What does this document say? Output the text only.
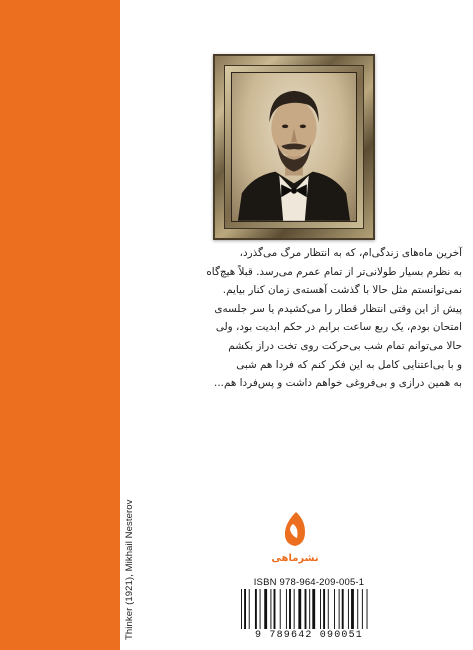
Thinker (1921), Mikhail Nesterov
آخرین ماه‌های زندگی‌ام، که به انتظار مرگ می‌گذرد،
به نظرم بسیار طولانی‌تر از تمام عمرم می‌رسد. قبلاً هیچ‌گاه
نمی‌توانستم مثل حالا با گذشت آهسته‌ی زمان کنار بیایم.
پیش از این وقتی انتظار قطار را می‌کشیدم یا سر جلسه‌ی
امتحان بودم، یک ربع ساعت برایم در حکم ابدیت بود، ولی
حالا می‌توانم تمام شب بی‌حرکت روی تخت دراز بکشم
و با بی‌اعتنایی کامل به این فکر کنم که فردا هم شبی
به همین درازی و بی‌فروغی خواهم داشت و پس‌فردا هم...
نشرماهی
ISBN 978-964-209-005-1
9 789642 090051
